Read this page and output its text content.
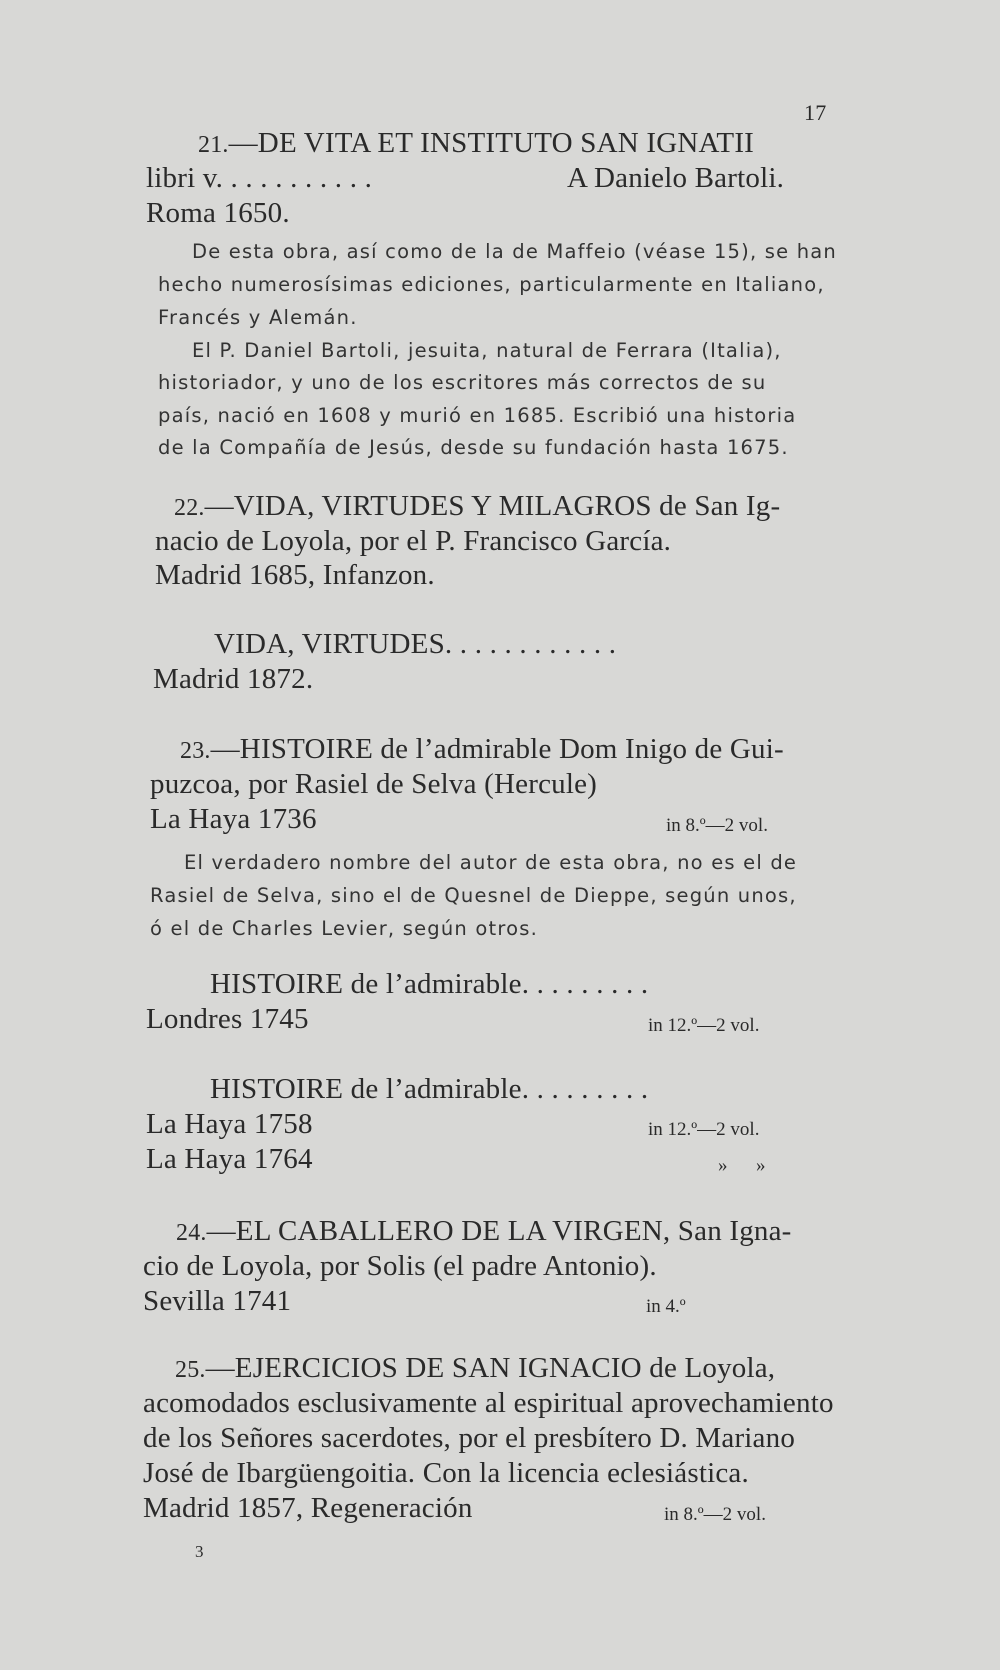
17
21.—DE VITA ET INSTITUTO SAN IGNATII
libri v. . . . . . . . . . .	A Danielo Bartoli.
Roma 1650.
De esta obra, así como de la de Maffeio (véase 15), se han
hecho numerosísimas ediciones, particularmente en Italiano,
Francés y Alemán.
El P. Daniel Bartoli, jesuita, natural de Ferrara (Italia),
historiador, y uno de los escritores más correctos de su
país, nació en 1608 y murió en 1685. Escribió una historia
de la Compañía de Jesús, desde su fundación hasta 1675.
22.—VIDA, VIRTUDES Y MILAGROS de San Ig-
nacio de Loyola, por el P. Francisco García.
Madrid 1685, Infanzon.
VIDA, VIRTUDES. . . . . . . . . . . .
Madrid 1872.
23.—HISTOIRE de l’admirable Dom Inigo de Gui-
puzcoa, por Rasiel de Selva (Hercule)
La Haya 1736	in 8.º—2 vol.
El verdadero nombre del autor de esta obra, no es el de
Rasiel de Selva, sino el de Quesnel de Dieppe, según unos,
ó el de Charles Levier, según otros.
HISTOIRE de l’admirable. . . . . . . . .
Londres 1745	in 12.º—2 vol.
HISTOIRE de l’admirable. . . . . . . . .
La Haya 1758	in 12.º—2 vol.
La Haya 1764	»      »
24.—EL CABALLERO DE LA VIRGEN, San Igna-
cio de Loyola, por Solis (el padre Antonio).
Sevilla 1741	in 4.º
25.—EJERCICIOS DE SAN IGNACIO de Loyola,
acomodados esclusivamente al espiritual aprovechamiento
de los Señores sacerdotes, por el presbítero D. Mariano
José de Ibargüengoitia. Con la licencia eclesiástica.
Madrid 1857, Regeneración	in 8.º—2 vol.
3
